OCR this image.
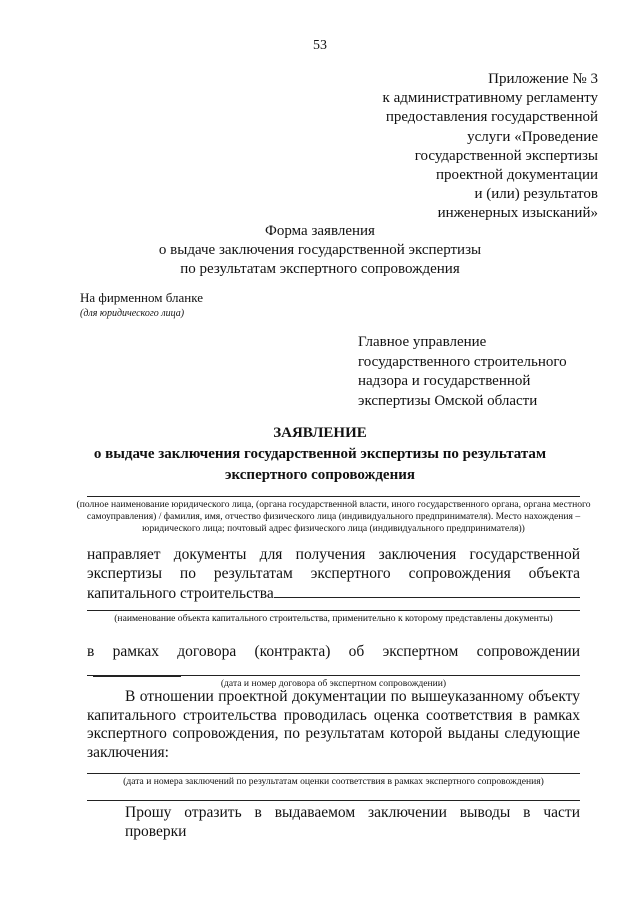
53
Приложение № 3
к административному регламенту
предоставления государственной
услуги «Проведение
государственной экспертизы
проектной документации
и (или) результатов
инженерных изысканий»
Форма заявления
о выдаче заключения государственной экспертизы
по результатам экспертного сопровождения
На фирменном бланке
(для юридического лица)
Главное управление
государственного строительного
надзора и государственной
экспертизы Омской области
ЗАЯВЛЕНИЕ
о выдаче заключения государственной экспертизы по результатам
экспертного сопровождения
(полное наименование юридического лица, (органа государственной власти, иного государственного органа, органа местного самоуправления) / фамилия, имя, отчество физического лица (индивидуального предпринимателя). Место нахождения – юридического лица; почтовый адрес физического лица (индивидуального предпринимателя))
направляет документы для получения заключения государственной
экспертизы по результатам экспертного сопровождения объекта
капитального строительства
(наименование объекта капитального строительства, применительно к которому представлены документы)
в рамках договора (контракта) об экспертном сопровождении
(дата и номер договора об экспертном сопровождении)
В отношении проектной документации по вышеуказанному объекту
капитального строительства проводилась оценка соответствия в рамках
экспертного сопровождения, по результатам которой выданы следующие
заключения:
(дата и номера заключений по результатам оценки соответствия в рамках экспертного сопровождения)
Прошу отразить в выдаваемом заключении выводы в части проверки
